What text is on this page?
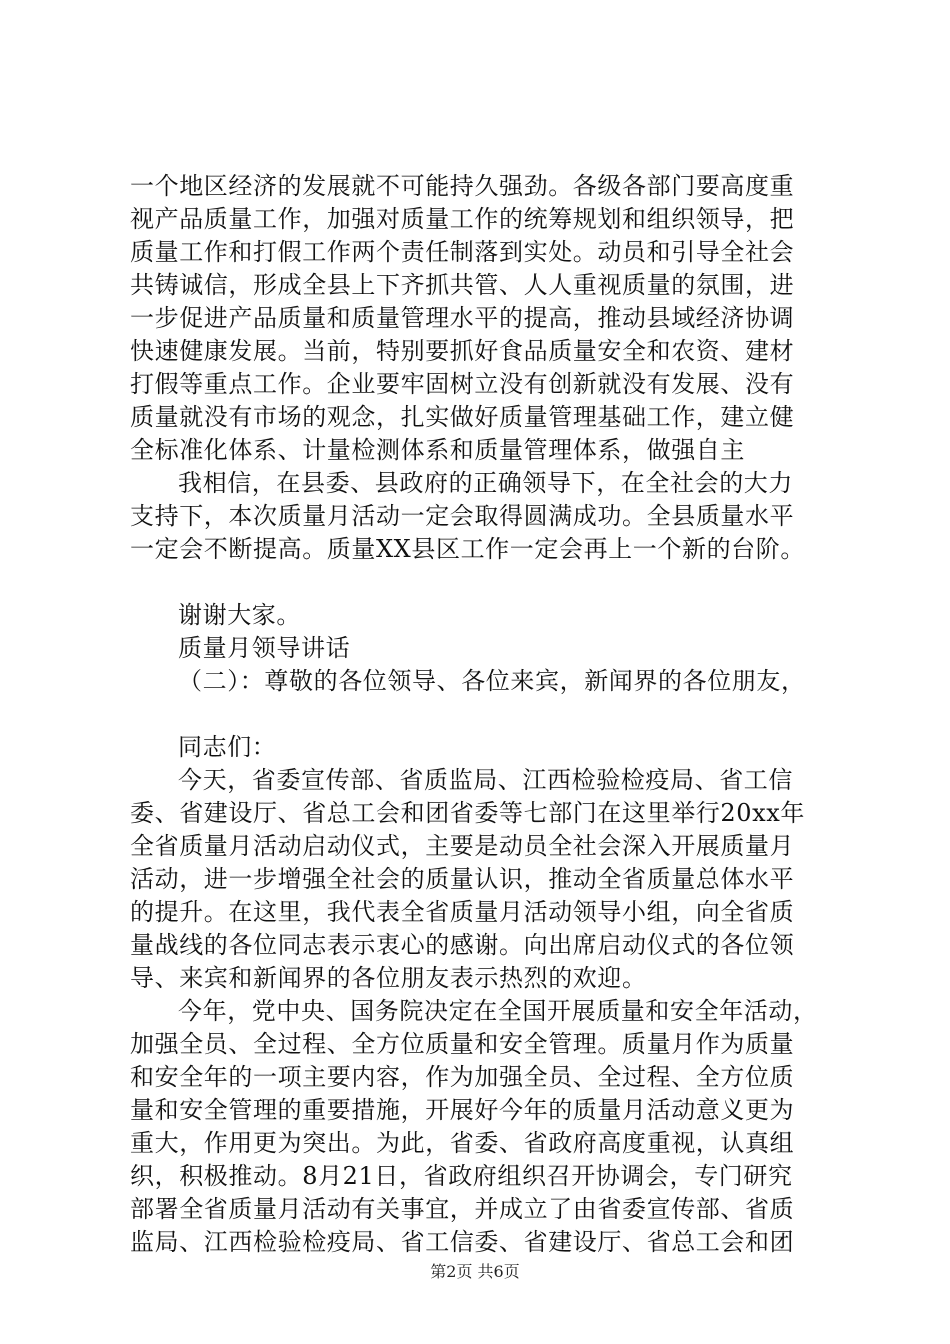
一个地区经济的发展就不可能持久强劲。各级各部门要高度重
视产品质量工作，加强对质量工作的统筹规划和组织领导，把
质量工作和打假工作两个责任制落到实处。动员和引导全社会
共铸诚信，形成全县上下齐抓共管、人人重视质量的氛围，进
一步促进产品质量和质量管理水平的提高，推动县域经济协调
快速健康发展。当前，特别要抓好食品质量安全和农资、建材
打假等重点工作。企业要牢固树立没有创新就没有发展、没有
质量就没有市场的观念，扎实做好质量管理基础工作，建立健
全标准化体系、计量检测体系和质量管理体系，做强自主
我相信，在县委、县政府的正确领导下，在全社会的大力
支持下，本次质量月活动一定会取得圆满成功。全县质量水平
一定会不断提高。质量XX县区工作一定会再上一个新的台阶。
谢谢大家。
质量月领导讲话
（二）：尊敬的各位领导、各位来宾，新闻界的各位朋友，
同志们：
今天，省委宣传部、省质监局、江西检验检疫局、省工信
委、省建设厅、省总工会和团省委等七部门在这里举行20xx年
全省质量月活动启动仪式，主要是动员全社会深入开展质量月
活动，进一步增强全社会的质量认识，推动全省质量总体水平
的提升。在这里，我代表全省质量月活动领导小组，向全省质
量战线的各位同志表示衷心的感谢。向出席启动仪式的各位领
导、来宾和新闻界的各位朋友表示热烈的欢迎。
今年，党中央、国务院决定在全国开展质量和安全年活动，
加强全员、全过程、全方位质量和安全管理。质量月作为质量
和安全年的一项主要内容，作为加强全员、全过程、全方位质
量和安全管理的重要措施，开展好今年的质量月活动意义更为
重大，作用更为突出。为此，省委、省政府高度重视，认真组
织，积极推动。8月21日，省政府组织召开协调会，专门研究
部署全省质量月活动有关事宜，并成立了由省委宣传部、省质
监局、江西检验检疫局、省工信委、省建设厅、省总工会和团
第2页 共6页
